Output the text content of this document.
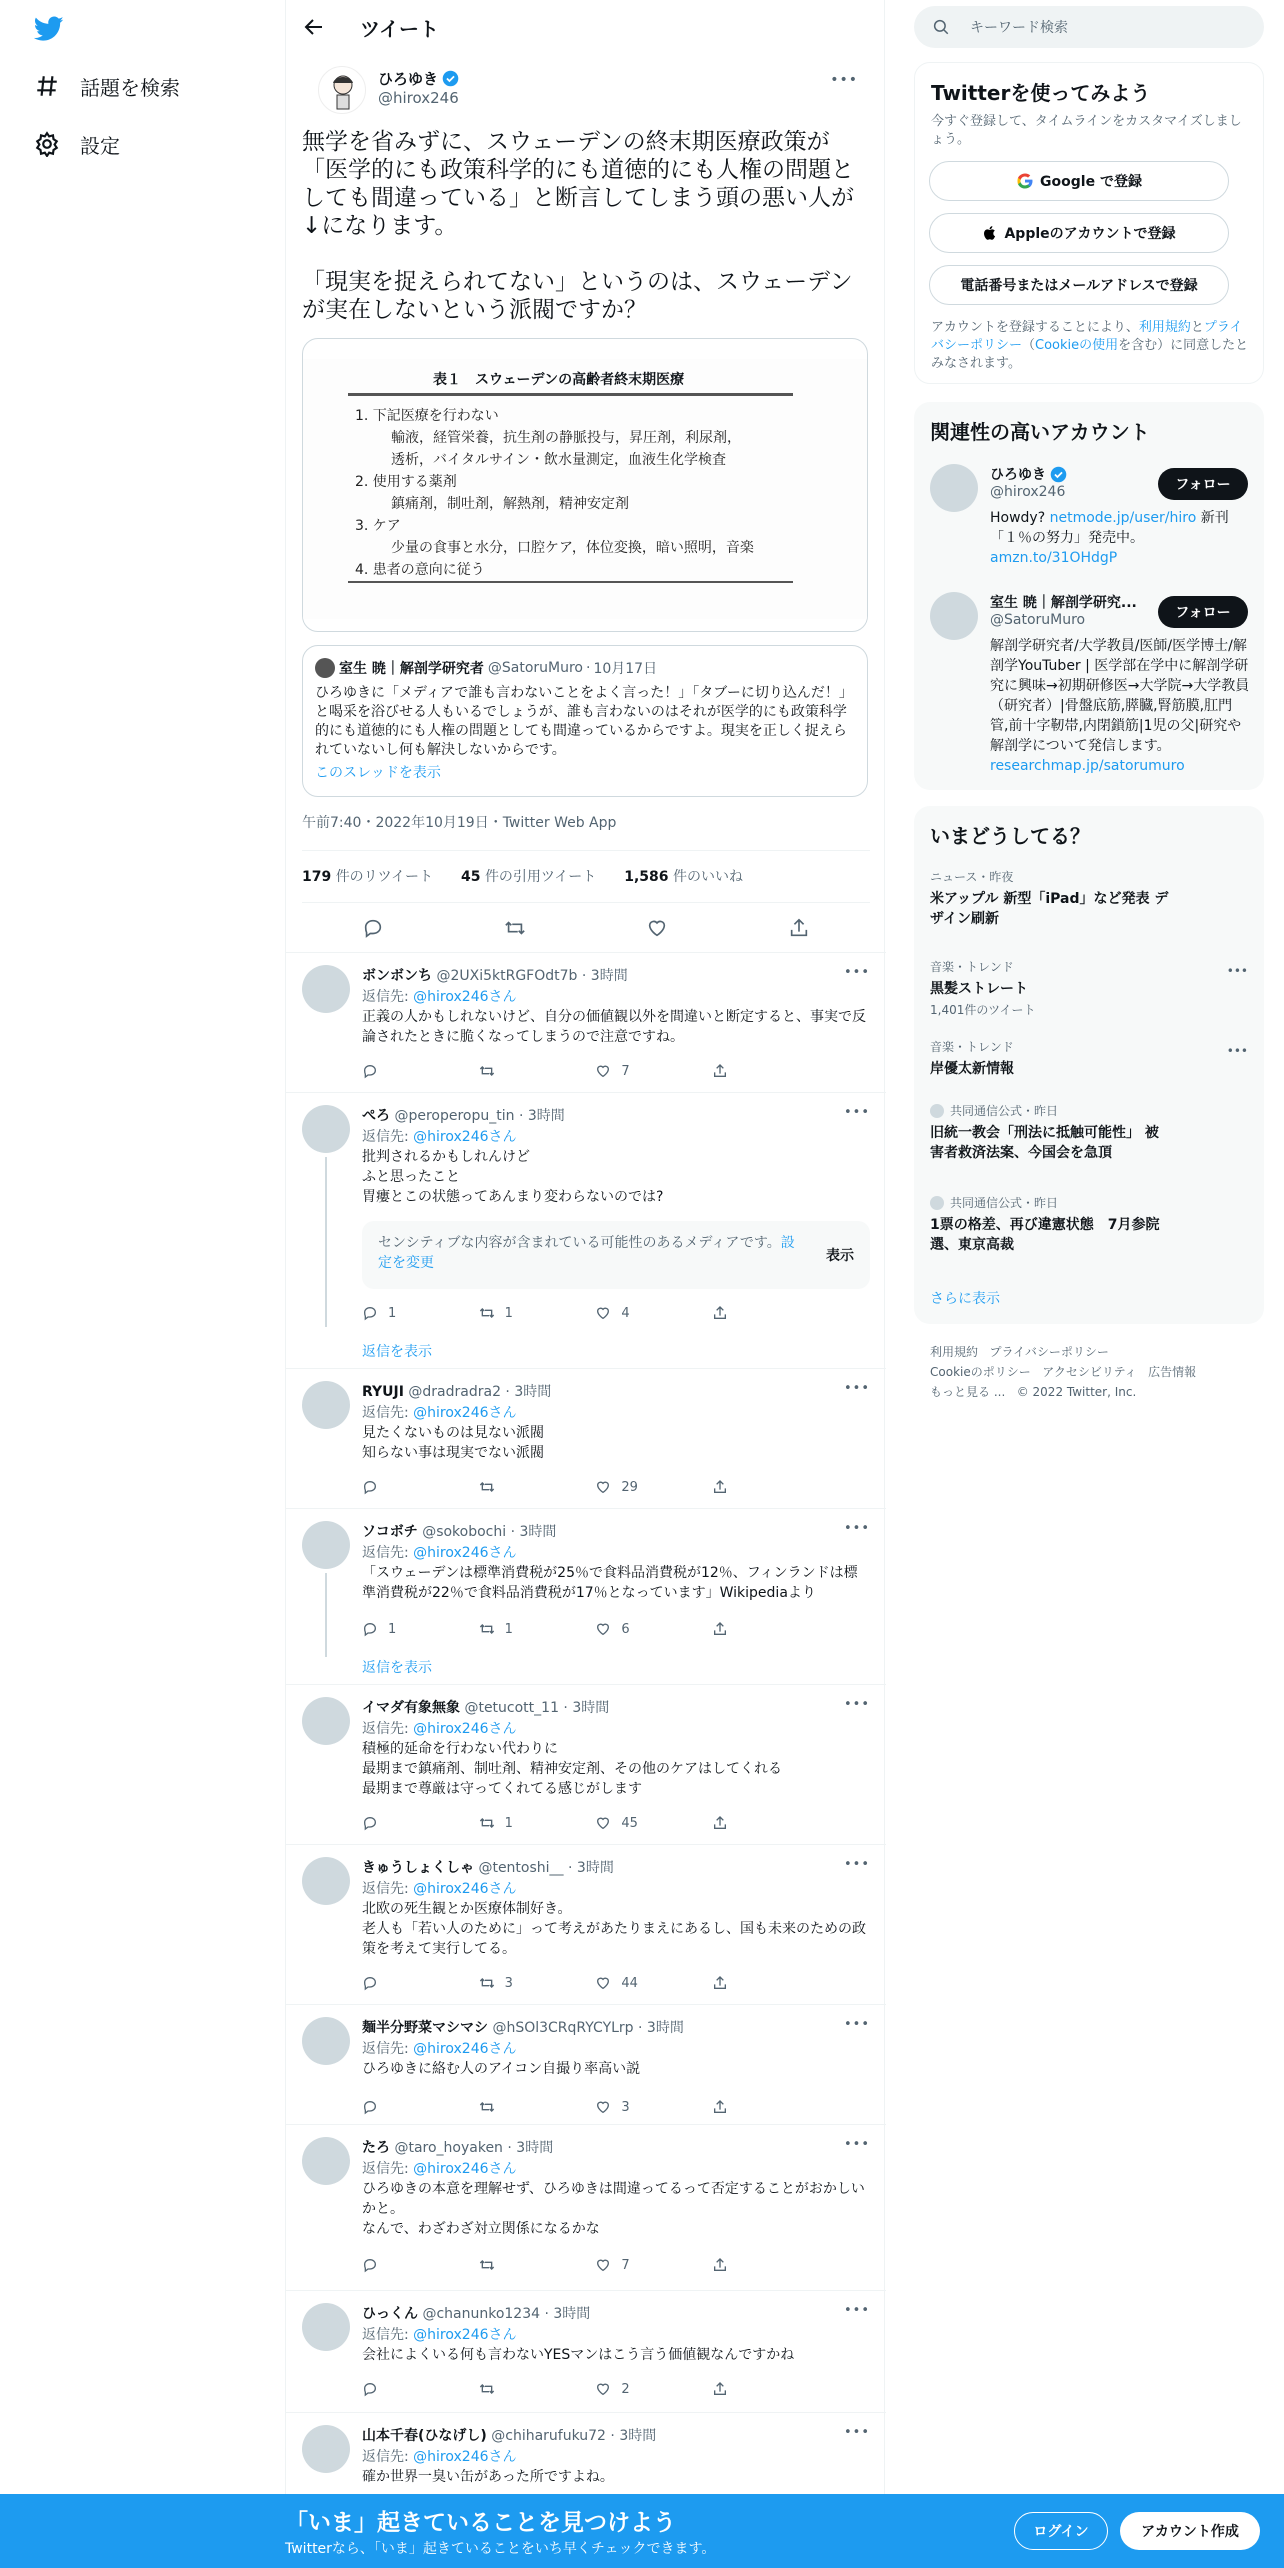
話題を検索
設定
ツイート
ひろゆき
@hirox246
•••
無学を省みずに、スウェーデンの終末期医療政策が「医学的にも政策科学的にも道徳的にも人権の問題としても間違っている」と断言してしまう頭の悪い人が↓になります。

「現実を捉えられてない」というのは、スウェーデンが実在しないという派閥ですか？
表１　スウェーデンの高齢者終末期医療
1. 下記医療を行わない
輸液，経管栄養，抗生剤の静脈投与，昇圧剤，利尿剤，
透析，バイタルサイン・飲水量測定，血液生化学検査
2. 使用する薬剤
鎮痛剤，制吐剤，解熱剤，精神安定剤
3. ケア
少量の食事と水分，口腔ケア，体位変換，暗い照明，音楽
4. 患者の意向に従う
室生 暁｜解剖学研究者 @SatoruMuro · 10月17日
ひろゆきに「メディアで誰も言わないことをよく言った！」「タブーに切り込んだ！」と喝采を浴びせる人もいるでしょうが、誰も言わないのはそれが医学的にも政策科学的にも道徳的にも人権の問題としても間違っているからですよ。現実を正しく捉えられていないし何も解決しないからです。
このスレッドを表示
午前7:40・2022年10月19日・Twitter Web App
179 件のリツイート 45 件の引用ツイート 1,586 件のいいね
ボンボンち @2UXi5ktRGFOdt7b · 3時間	•••
返信先: @hirox246さん
正義の人かもしれないけど、自分の価値観以外を間違いと断定すると、事実で反論されたときに脆くなってしまうので注意ですね。
7
ぺろ @peroperopu_tin · 3時間	•••
返信先: @hirox246さん
批判されるかもしれんけど
ふと思ったこと
胃瘻とこの状態ってあんまり変わらないのでは?
センシティブな内容が含まれている可能性のあるメディアです。設定を変更	表示
1	1	4
返信を表示
RYUJI @dradradra2 · 3時間	•••
返信先: @hirox246さん
見たくないものは見ない派閥
知らない事は現実でない派閥
29
ソコボチ @sokobochi · 3時間	•••
返信先: @hirox246さん
「スウェーデンは標準消費税が25％で食料品消費税が12％、フィンランドは標準消費税が22％で食料品消費税が17％となっています」Wikipediaより
1	1	6
返信を表示
イマダ有象無象 @tetucott_11 · 3時間	•••
返信先: @hirox246さん
積極的延命を行わない代わりに
最期まで鎮痛剤、制吐剤、精神安定剤、その他のケアはしてくれる
最期まで尊厳は守ってくれてる感じがします
1	45
きゅうしょくしゃ @tentoshi__ · 3時間	•••
返信先: @hirox246さん
北欧の死生観とか医療体制好き。
老人も「若い人のために」って考えがあたりまえにあるし、国も未来のための政策を考えて実行してる。
3	44
麺半分野菜マシマシ @hSOl3CRqRYCYLrp · 3時間	•••
返信先: @hirox246さん
ひろゆきに絡む人のアイコン自撮り率高い説
3
たろ @taro_hoyaken · 3時間	•••
返信先: @hirox246さん
ひろゆきの本意を理解せず、ひろゆきは間違ってるって否定することがおかしいかと。
なんで、わざわざ対立関係になるかな
7
ひっくん @chanunko1234 · 3時間	•••
返信先: @hirox246さん
会社によくいる何も言わないYESマンはこう言う価値観なんですかね
2
山本千春(ひなげし) @chiharufuku72 · 3時間	•••
返信先: @hirox246さん
確か世界一臭い缶があった所ですよね。
キーワード検索
Twitterを使ってみよう
今すぐ登録して、タイムラインをカスタマイズしましょう。
Google で登録
Appleのアカウントで登録
電話番号またはメールアドレスで登録
アカウントを登録することにより、利用規約とプライバシーポリシー（Cookieの使用を含む）に同意したとみなされます。
関連性の高いアカウント
ひろゆき
@hirox246	フォロー
Howdy? netmode.jp/user/hiro 新刊「１％の努力」発売中。amzn.to/31OHdgP
室生 暁｜解剖学研究...
@SatoruMuro	フォロー
解剖学研究者/大学教員/医師/医学博士/解剖学YouTuber | 医学部在学中に解剖学研究に興味→初期研修医→大学院→大学教員（研究者）|骨盤底筋,膵臓,腎筋膜,肛門管,前十字靭帯,内閉鎖筋|1児の父|研究や解剖学について発信します。researchmap.jp/satorumuro
いまどうしてる？
ニュース・昨夜
米アップル 新型「iPad」など発表 デザイン刷新
音楽・トレンド
黒髪ストレート
1,401件のツイート
•••
音楽・トレンド
岸優太新情報
•••
共同通信公式・昨日
旧統一教会「刑法に抵触可能性」 被害者救済法案、今国会を急頂
共同通信公式・昨日
1票の格差、再び違憲状態　7月参院選、東京高裁
さらに表示
利用規約 プライバシーポリシー
Cookieのポリシー アクセシビリティ 広告情報
もっと見る ... © 2022 Twitter, Inc.
「いま」起きていることを見つけよう
Twitterなら、「いま」起きていることをいち早くチェックできます。
ログイン	アカウント作成
